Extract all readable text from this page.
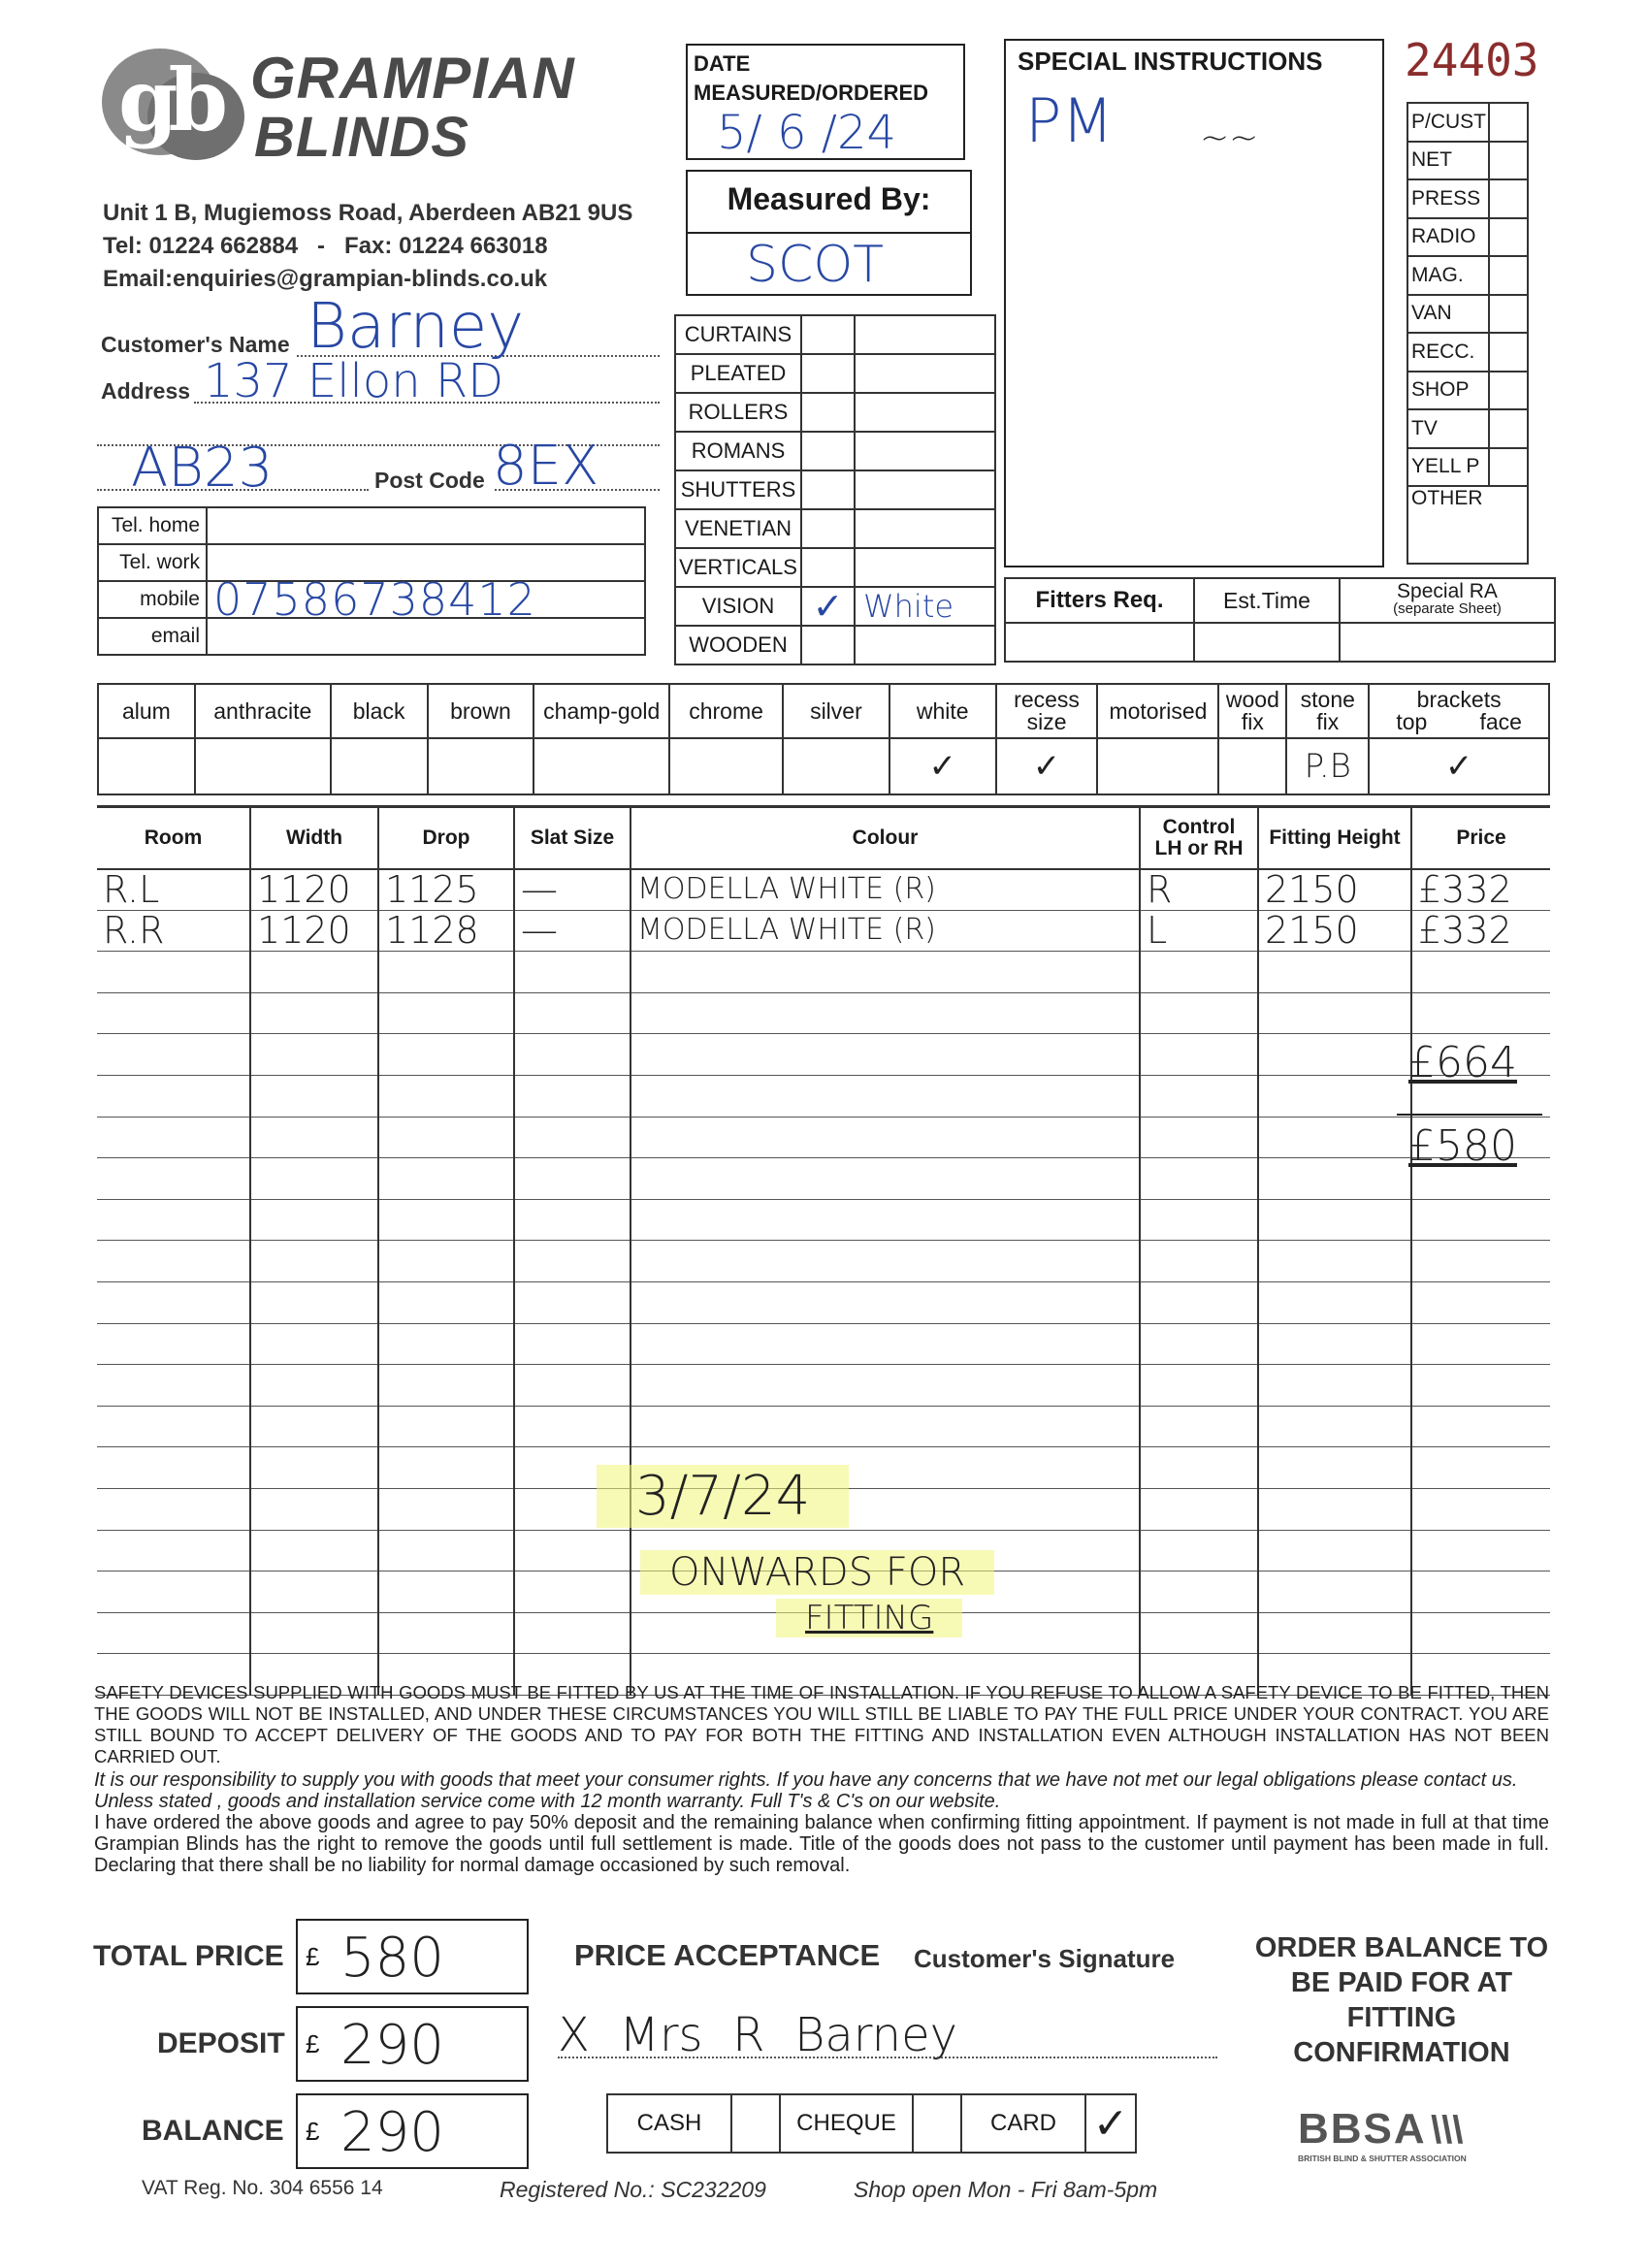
gb GRAMPIAN
BLINDS
Unit 1 B, Mugiemoss Road, Aberdeen AB21 9US
Tel: 01224 662884   -   Fax: 01224 663018
Email:enquiries@grampian-blinds.co.uk
DATE MEASURED/ORDERED
5/ 6 /24
Measured By:
SCOT
SPECIAL INSTRUCTIONS
PM ~~
24403
P/CUST	
NET	
PRESS	
RADIO	
MAG.	
VAN	
RECC.	
SHOP	
TV	
YELL P	
OTHER	
Customer's Name Barney
Address 137 Ellon RD
AB23	Post Code 8EX
Tel. home	
Tel. work	
mobile	07586738412
email	
CURTAINS		
PLEATED		
ROLLERS		
ROMANS		
SHUTTERS		
VENETIAN		
VERTICALS		
VISION	✓	White
WOODEN		
Fitters Req.	Est.Time	Special RA
(separate Sheet)

alum	anthracite	black	brown	champ-gold	chrome	silver	white	recess size	motorised	wood fix	stone fix	brackets
top face

							✓	✓			P.B	✓
Room	Width	Drop	Slat Size	Colour	Control LH or RH	Fitting Height	Price
R.L	1120	1125	—	MODELLA WHITE (R)	R	2150	£332
R.R	1120	1128	—	MODELLA WHITE (R)	L	2150	£332

£664
£580
3/7/24
ONWARDS FOR
FITTING
SAFETY DEVICES SUPPLIED WITH GOODS MUST BE FITTED BY US AT THE TIME OF INSTALLATION. IF YOU REFUSE TO ALLOW A SAFETY DEVICE TO BE FITTED, THEN THE GOODS WILL NOT BE INSTALLED, AND UNDER THESE CIRCUMSTANCES YOU WILL STILL BE LIABLE TO PAY THE FULL PRICE UNDER YOUR CONTRACT. YOU ARE STILL BOUND TO ACCEPT DELIVERY OF THE GOODS AND TO PAY FOR BOTH THE FITTING AND INSTALLATION EVEN ALTHOUGH INSTALLATION HAS NOT BEEN CARRIED OUT.
It is our responsibility to supply you with goods that meet your consumer rights. If you have any concerns that we have not met our legal obligations please contact us. Unless stated , goods and installation service come with 12 month warranty. Full T's & C's on our website.
I have ordered the above goods and agree to pay 50% deposit and the remaining balance when confirming fitting appointment. If payment is not made in full at that time Grampian Blinds has the right to remove the goods until full settlement is made. Title of the goods does not pass to the customer until payment has been made in full. Declaring that there shall be no liability for normal damage occasioned by such removal.
TOTAL PRICE £ 580
DEPOSIT £ 290
BALANCE £ 290
PRICE ACCEPTANCE Customer's Signature
X  Mrs  R  Barney
CASH		CHEQUE		CARD	✓
ORDER BALANCE TO BE PAID FOR AT FITTING CONFIRMATION
BBSA \\\
BRITISH BLIND & SHUTTER ASSOCIATION
VAT Reg. No. 304 6556 14	Registered No.: SC232209	Shop open Mon - Fri 8am-5pm
